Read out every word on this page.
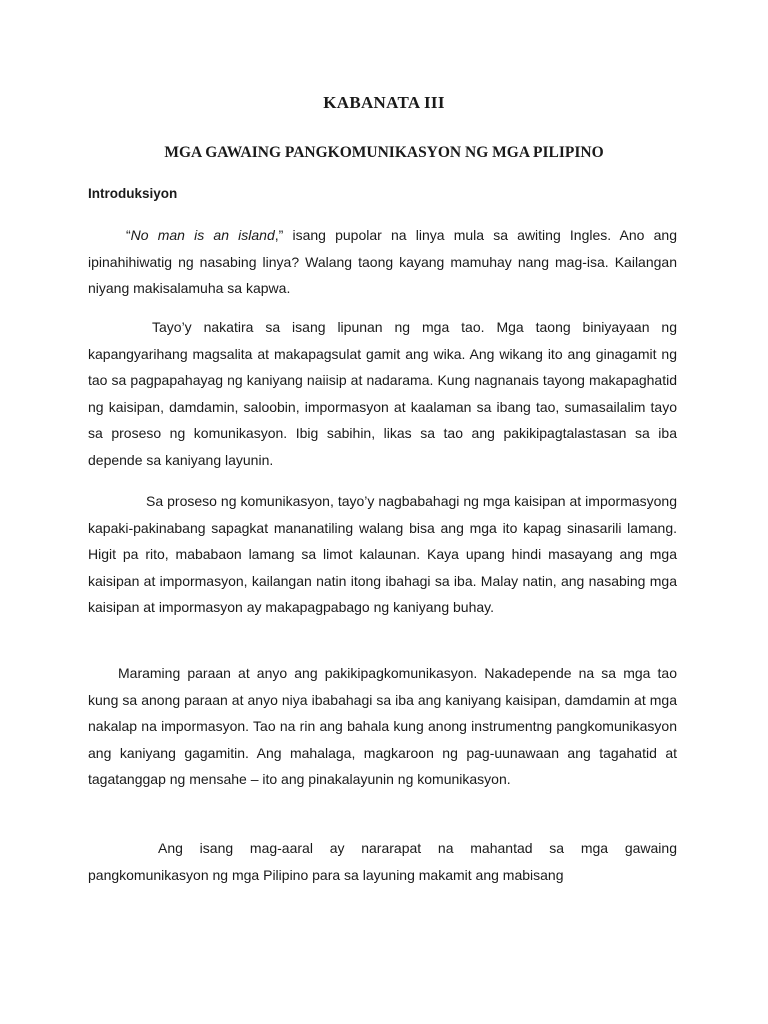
KABANATA III
MGA GAWAING PANGKOMUNIKASYON NG MGA PILIPINO
Introduksiyon

“No man is an island,” isang pupolar na linya mula sa awiting Ingles. Ano ang ipinahihiwatig ng nasabing linya? Walang taong kayang mamuhay nang mag-isa. Kailangan niyang makisalamuha sa kapwa.

Tayo’y nakatira sa isang lipunan ng mga tao. Mga taong biniyayaan ng kapangyarihang magsalita at makapagsulat gamit ang wika. Ang wikang ito ang ginagamit ng tao sa pagpapahayag ng kaniyang naiisip at nadarama. Kung nagnanais tayong makapaghatid ng kaisipan, damdamin, saloobin, impormasyon at kaalaman sa ibang tao, sumasailalim tayo sa proseso ng komunikasyon. Ibig sabihin, likas sa tao ang pakikipagtalastasan sa iba depende sa kaniyang layunin.

Sa proseso ng komunikasyon, tayo’y nagbabahagi ng mga kaisipan at impormasyong kapaki-pakinabang sapagkat mananatiling walang bisa ang mga ito kapag sinasarili lamang. Higit pa rito, mababaon lamang sa limot kalaunan. Kaya upang hindi masayang ang mga kaisipan at impormasyon, kailangan natin itong ibahagi sa iba. Malay natin, ang nasabing mga kaisipan at impormasyon ay makapagpabago ng kaniyang buhay.

Maraming paraan at anyo ang pakikipagkomunikasyon. Nakadepende na sa mga tao kung sa anong paraan at anyo niya ibabahagi sa iba ang kaniyang kaisipan, damdamin at mga nakalap na impormasyon. Tao na rin ang bahala kung anong instrumentng pangkomunikasyon ang kaniyang gagamitin. Ang mahalaga, magkaroon ng pag-uunawaan ang tagahatid at tagatanggap ng mensahe – ito ang pinakalayunin ng komunikasyon.

Ang isang mag-aaral ay nararapat na mahantad sa mga gawaing pangkomunikasyon ng mga Pilipino para sa layuning makamit ang mabisang
